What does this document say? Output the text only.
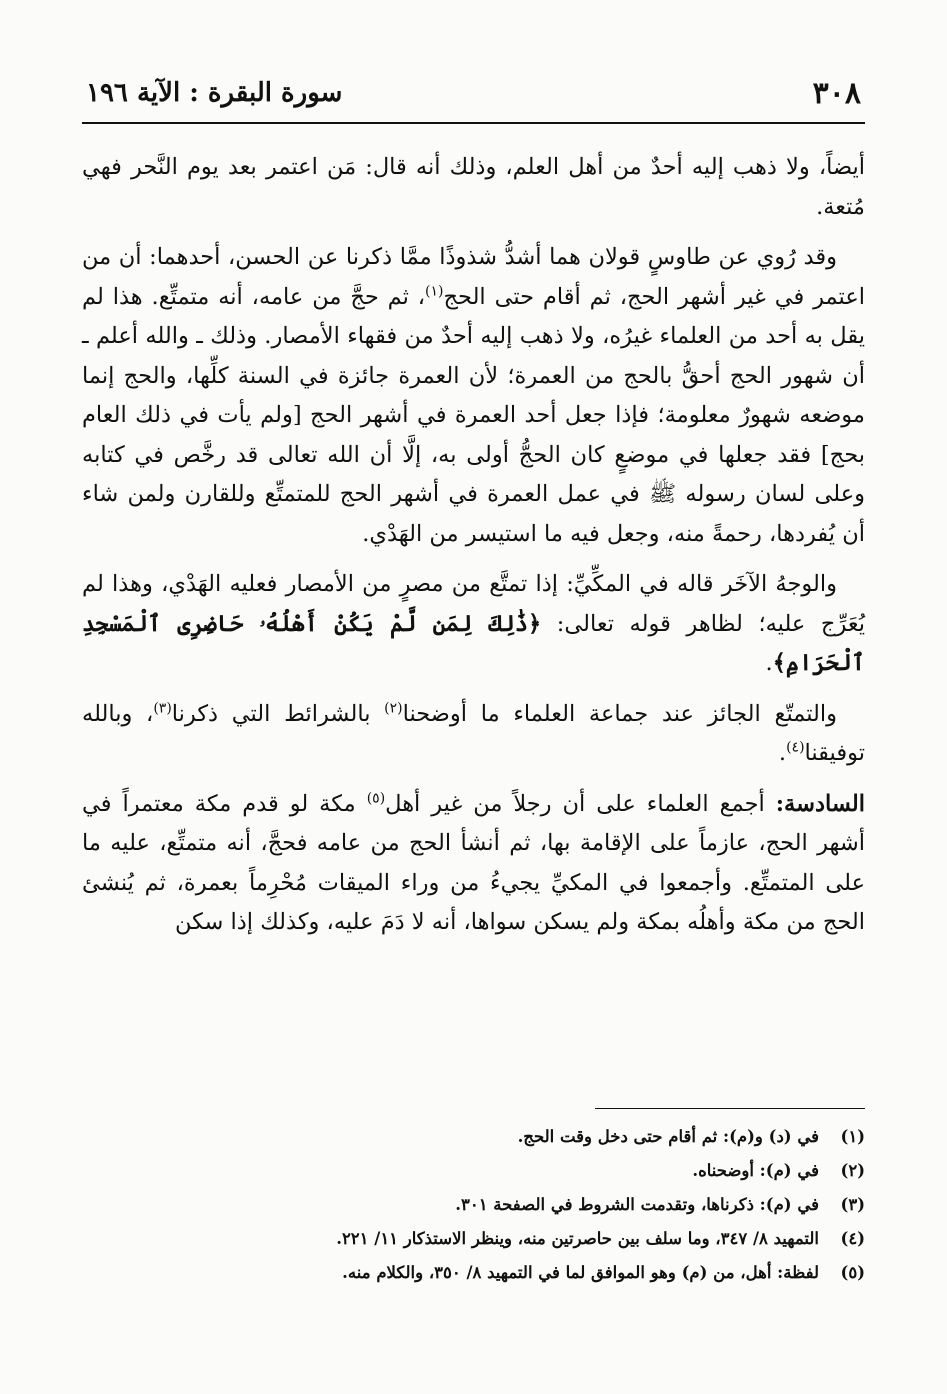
٣٠٨
سورة البقرة : الآية ١٩٦

أيضاً، ولا ذهب إليه أحدٌ من أهل العلم، وذلك أنه قال: مَن اعتمر بعد يوم النَّحر فهي مُتعة.

وقد رُوي عن طاوسٍ قولان هما أشدُّ شذوذًا ممَّا ذكرنا عن الحسن، أحدهما: أن من اعتمر في غير أشهر الحج، ثم أقام حتى الحج$^{(١)}$، ثم حجَّ من عامه، أنه متمتِّع. هذا لم يقل به أحد من العلماء غيرُه، ولا ذهب إليه أحدٌ من فقهاء الأمصار. وذلك ـ والله أعلم ـ أن شهور الحج أحقُّ بالحج من العمرة؛ لأن العمرة جائزة في السنة كلِّها، والحج إنما موضعه شهورٌ معلومة؛ فإذا جعل أحد العمرة في أشهر الحج [ولم يأت في ذلك العام بحج] فقد جعلها في موضعٍ كان الحجُّ أولى به، إلَّا أن الله تعالى قد رخَّص في كتابه وعلى لسان رسوله ﷺ في عمل العمرة في أشهر الحج للمتمتِّع وللقارن ولمن شاء أن يُفردها، رحمةً منه، وجعل فيه ما استيسر من الهَدْي.

والوجهُ الآخَر قاله في المكِّيِّ: إذا تمتَّع من مصرٍ من الأمصار فعليه الهَدْي، وهذا لم يُعَرِّج عليه؛ لظاهر قوله تعالى: ﴿ذَٰلِكَ لِمَن لَّمْ يَكُنْ أَهْلُهُۥ حَاضِرِى ٱلْمَسْجِدِ ٱلْحَرَامِ﴾.

والتمتّع الجائز عند جماعة العلماء ما أوضحنا$^{(٢)}$ بالشرائط التي ذكرنا$^{(٣)}$، وبالله توفيقنا$^{(٤)}$.

السادسة: أجمع العلماء على أن رجلاً من غير أهل$^{(٥)}$ مكة لو قدم مكة معتمراً في أشهر الحج، عازماً على الإقامة بها، ثم أنشأ الحج من عامه فحجَّ، أنه متمتِّع، عليه ما على المتمتِّع. وأجمعوا في المكيِّ يجيءُ من وراء الميقات مُحْرِماً بعمرة، ثم يُنشئ الحج من مكة وأهلُه بمكة ولم يسكن سواها، أنه لا دَمَ عليه، وكذلك إذا سكن

(١)
في (د) و(م): ثم أقام حتى دخل وقت الحج.
(٢)
في (م): أوضحناه.
(٣)
في (م): ذكرناها، وتقدمت الشروط في الصفحة ٣٠١.
(٤)
التمهيد ٨/ ٣٤٧، وما سلف بين حاصرتين منه، وينظر الاستذكار ١١/ ٢٢١.
(٥)
لفظة: أهل، من (م) وهو الموافق لما في التمهيد ٨/ ٣٥٠، والكلام منه.
